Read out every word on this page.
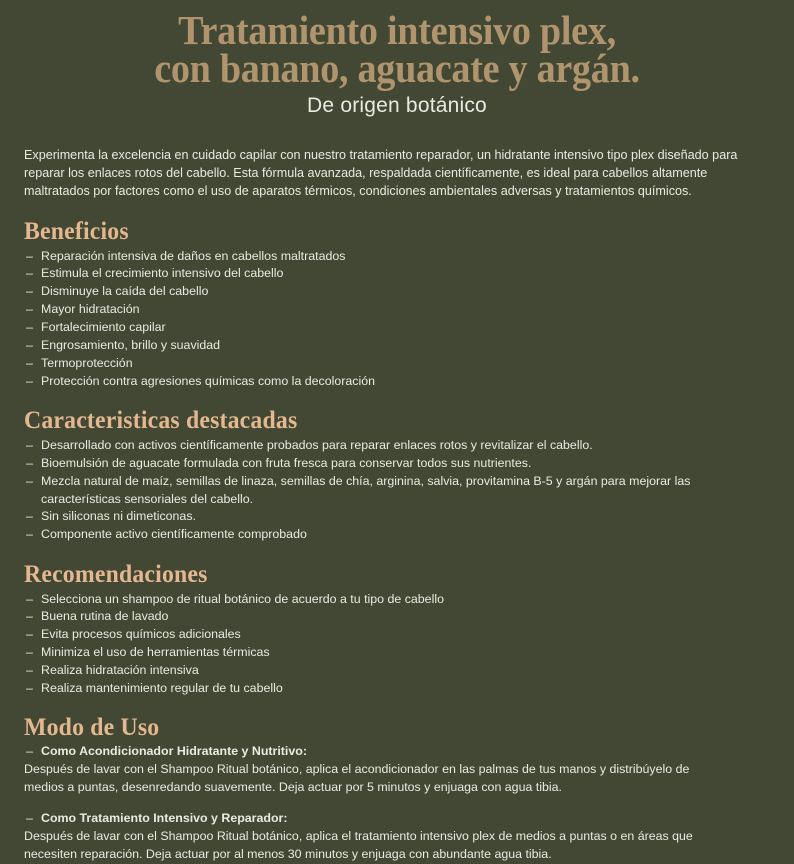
Tratamiento intensivo plex,
con banano, aguacate y argán.
De origen botánico

Experimenta la excelencia en cuidado capilar con nuestro tratamiento reparador, un hidratante intensivo tipo plex diseñado para reparar los enlaces rotos del cabello. Esta fórmula avanzada, respaldada científicamente, es ideal para cabellos altamente maltratados por factores como el uso de aparatos térmicos, condiciones ambientales adversas y tratamientos químicos.

Beneficios
– Reparación intensiva de daños en cabellos maltratados
– Estimula el crecimiento intensivo del cabello
– Disminuye la caída del cabello
– Mayor hidratación
– Fortalecimiento capilar
– Engrosamiento, brillo y suavidad
– Termoprotección
– Protección contra agresiones químicas como la decoloración
Caracteristicas destacadas
– Desarrollado con activos científicamente probados para reparar enlaces rotos y revitalizar el cabello.
– Bioemulsión de aguacate formulada con fruta fresca para conservar todos sus nutrientes.
– Mezcla natural de maíz, semillas de linaza, semillas de chía, arginina, salvia, provitamina B-5 y argán para mejorar las características sensoriales del cabello.
– Sin siliconas ni dimeticonas.
– Componente activo científicamente comprobado
Recomendaciones
– Selecciona un shampoo de ritual botánico de acuerdo a tu tipo de cabello
– Buena rutina de lavado
– Evita procesos químicos adicionales
– Minimiza el uso de herramientas térmicas
– Realiza hidratación intensiva
– Realiza mantenimiento regular de tu cabello
Modo de Uso
– Como Acondicionador Hidratante y Nutritivo:

Después de lavar con el Shampoo Ritual botánico, aplica el acondicionador en las palmas de tus manos y distribúyelo de medios a puntas, desenredando suavemente. Deja actuar por 5 minutos y enjuaga con agua tibia.

– Como Tratamiento Intensivo y Reparador:

Después de lavar con el Shampoo Ritual botánico, aplica el tratamiento intensivo plex de medios a puntas o en áreas que necesiten reparación. Deja actuar por al menos 30 minutos y enjuaga con abundante agua tibia.
